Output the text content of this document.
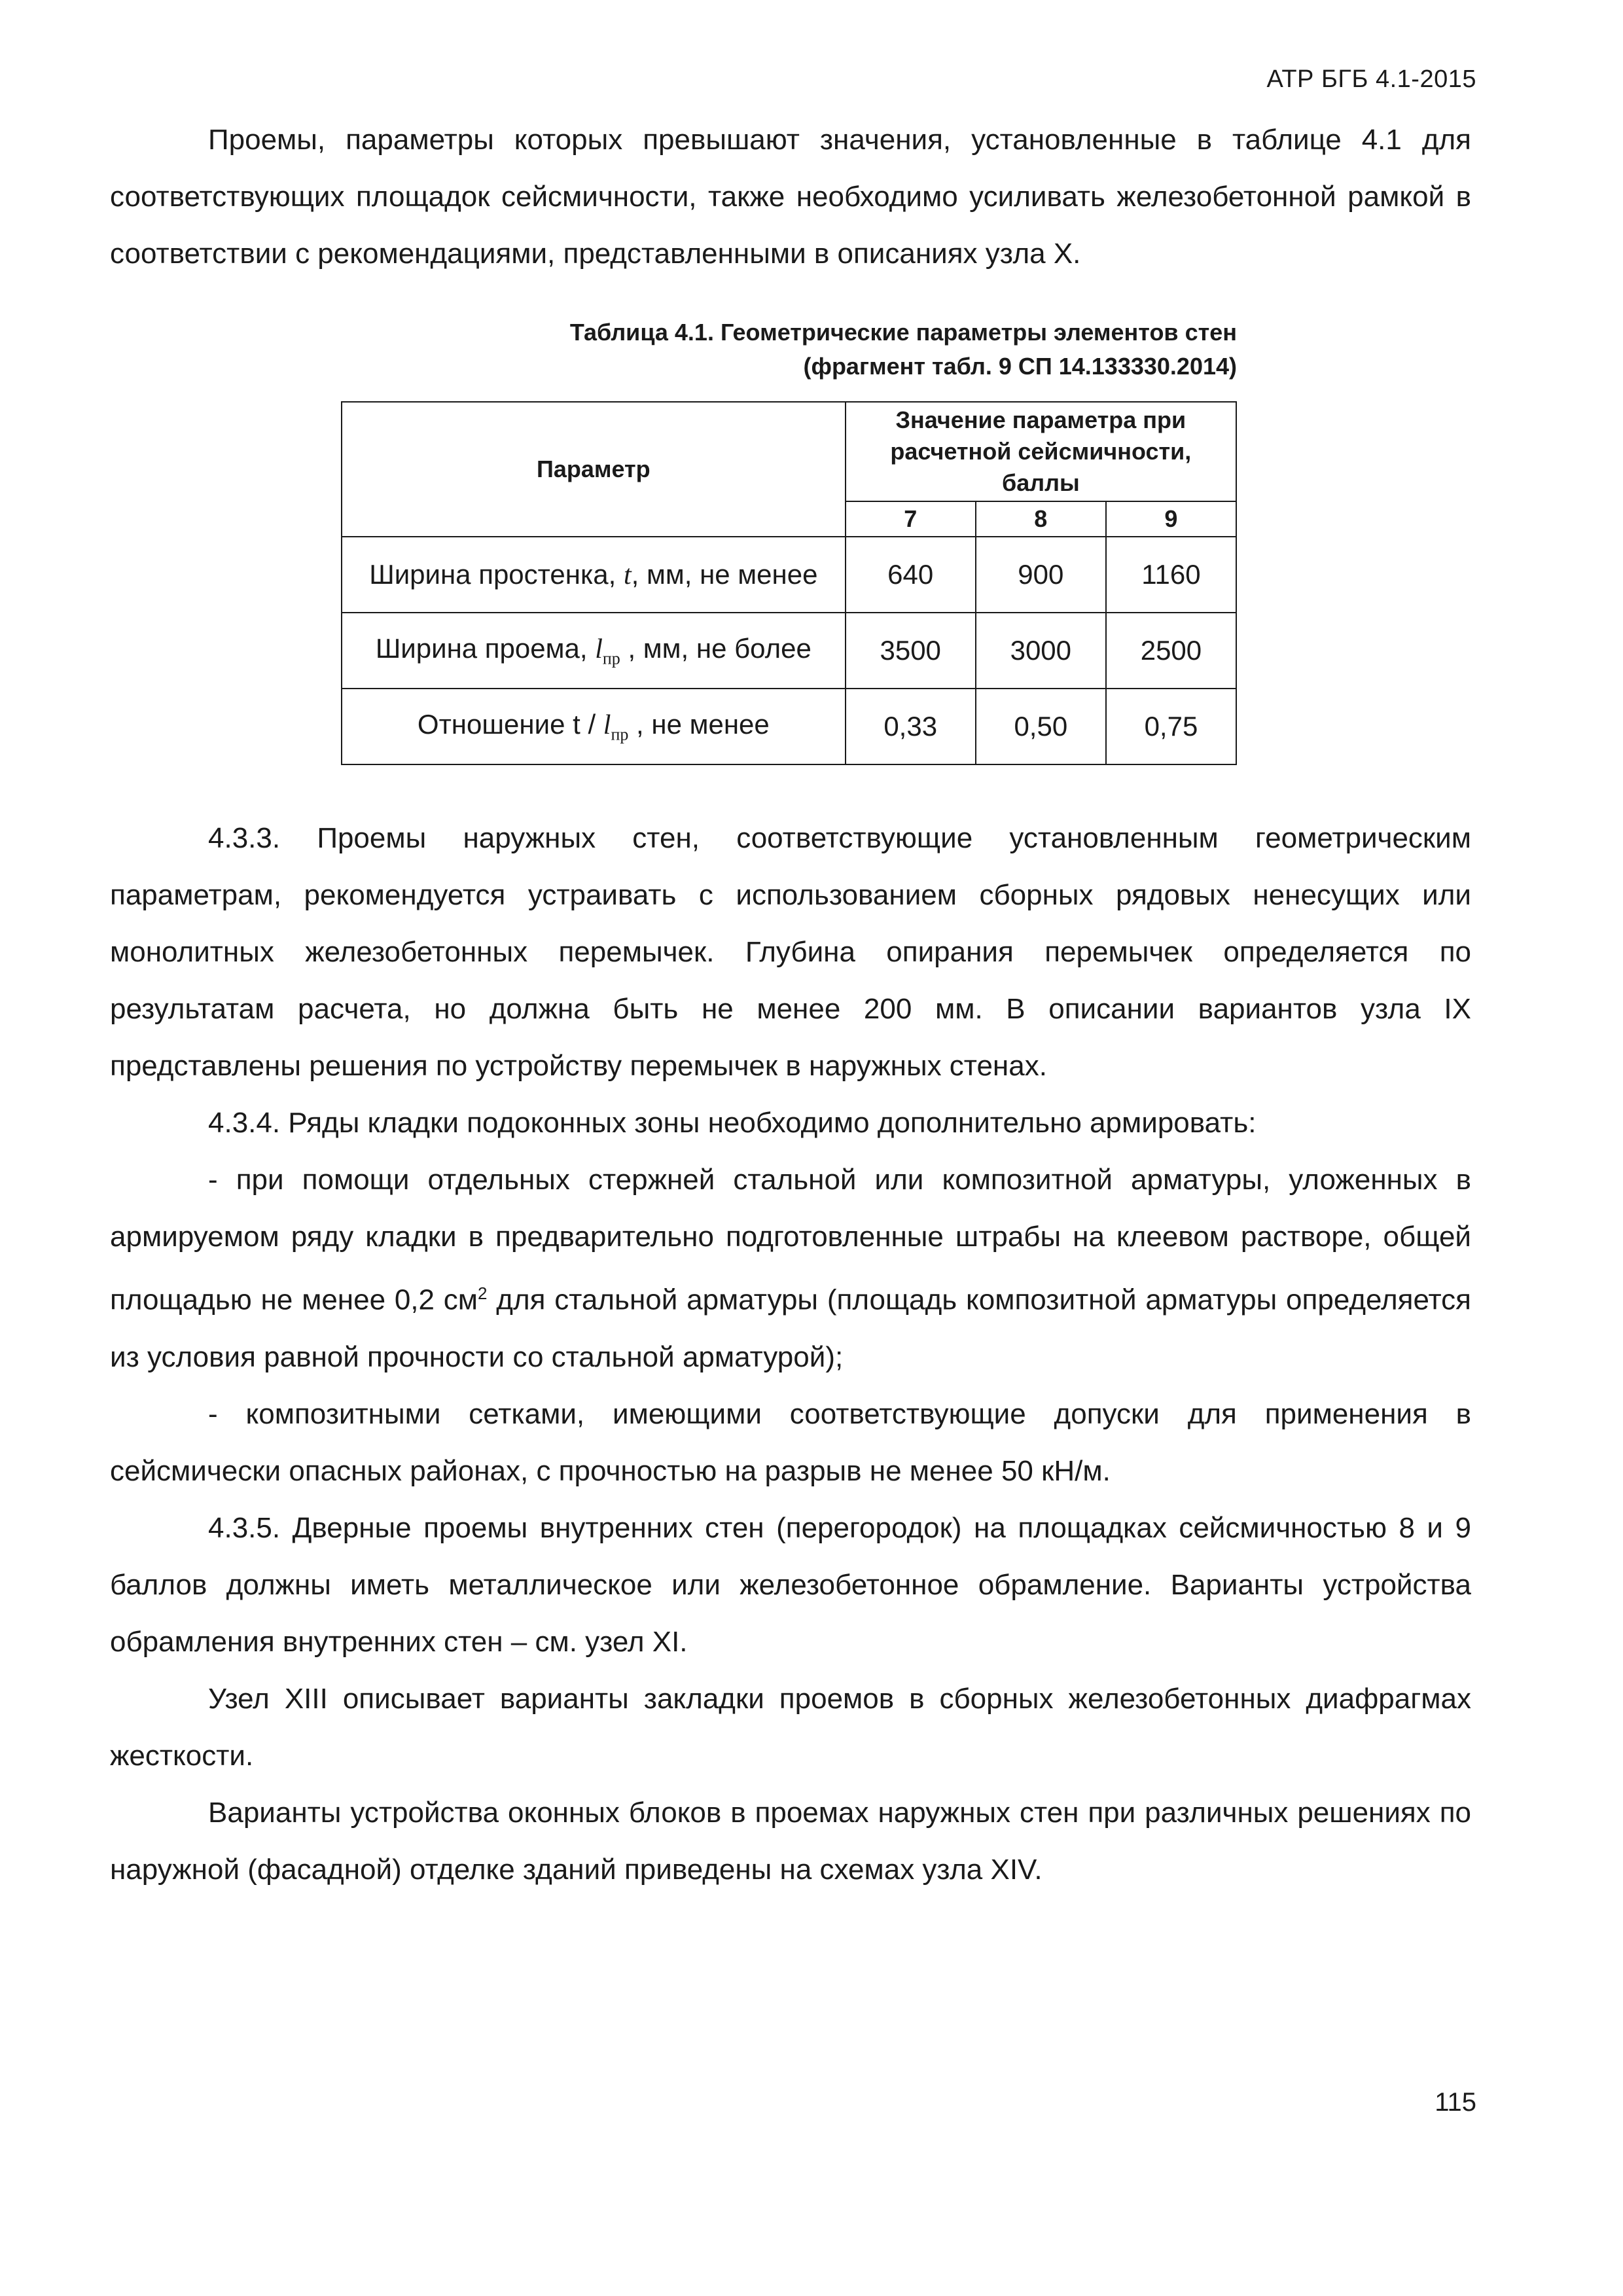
АТР БГБ 4.1-2015

Проемы, параметры которых превышают значения, установленные в таблице 4.1 для соответствующих площадок сейсмичности, также необходимо усиливать железобетонной рамкой в соответствии с рекомендациями, представленными в описаниях узла X.

Таблица 4.1. Геометрические параметры элементов стен
(фрагмент табл. 9 СП 14.133330.2014)
Параметр	Значение параметра при расчетной сейсмичности, баллы		
	7	8	9
Ширина простенка, t, мм, не менее	640	900	1160
Ширина проема, $l_{пр}$ , мм, не более	3500	3000	2500
Отношение t / $l_{пр}$ , не менее	0,33	0,50	0,75

4.3.3. Проемы наружных стен, соответствующие установленным геометрическим параметрам, рекомендуется устраивать с использованием сборных рядовых ненесущих или монолитных железобетонных перемычек. Глубина опирания перемычек определяется по результатам расчета, но должна быть не менее 200 мм. В описании вариантов узла IX представлены решения по устройству перемычек в наружных стенах.

4.3.4. Ряды кладки подоконных зоны необходимо дополнительно армировать:

- при помощи отдельных стержней стальной или композитной арматуры, уложенных в армируемом ряду кладки в предварительно подготовленные штрабы на клеевом растворе, общей площадью не менее 0,2 $см^2$ для стальной арматуры (площадь композитной арматуры определяется из условия равной прочности со стальной арматурой);

- композитными сетками, имеющими соответствующие допуски для применения в сейсмически опасных районах, с прочностью на разрыв не менее 50 кН/м.

4.3.5. Дверные проемы внутренних стен (перегородок) на площадках сейсмичностью 8 и 9 баллов должны иметь металлическое или железобетонное обрамление. Варианты устройства обрамления внутренних стен – см. узел XI.

Узел XIII описывает варианты закладки проемов в сборных железобетонных диафрагмах жесткости.

Варианты устройства оконных блоков в проемах наружных стен при различных решениях по наружной (фасадной) отделке зданий приведены на схемах узла XIV.

115
